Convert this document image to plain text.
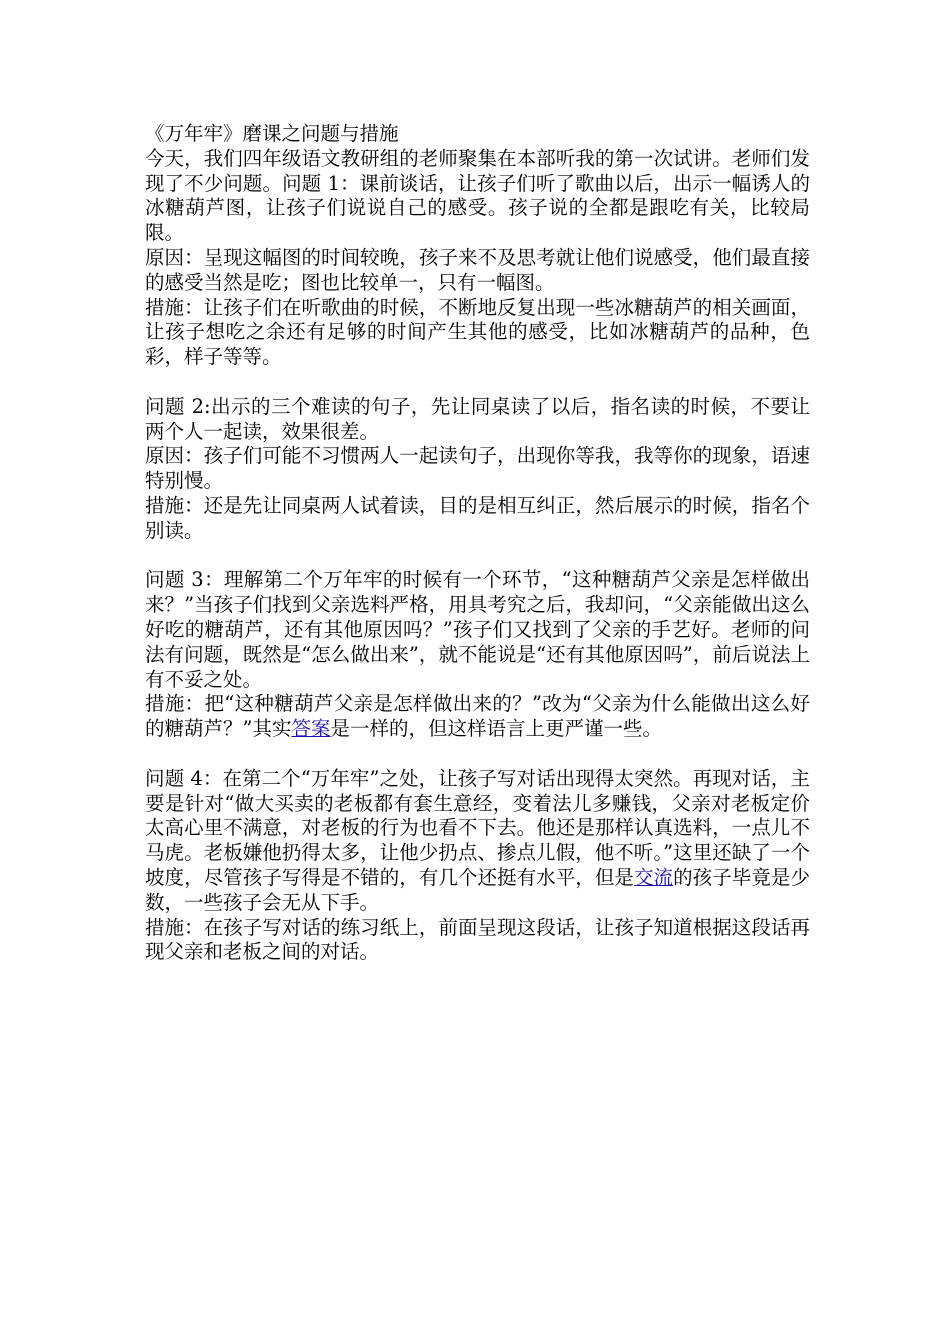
《万年牢》磨课之问题与措施

今天，我们四年级语文教研组的老师聚集在本部听我的第一次试讲。老师们发现了不少问题。问题 1：课前谈话，让孩子们听了歌曲以后，出示一幅诱人的冰糖葫芦图，让孩子们说说自己的感受。孩子说的全都是跟吃有关，比较局限。

原因：呈现这幅图的时间较晚，孩子来不及思考就让他们说感受，他们最直接的感受当然是吃；图也比较单一，只有一幅图。

措施：让孩子们在听歌曲的时候，不断地反复出现一些冰糖葫芦的相关画面，让孩子想吃之余还有足够的时间产生其他的感受，比如冰糖葫芦的品种，色彩，样子等等。

问题 2:出示的三个难读的句子，先让同桌读了以后，指名读的时候，不要让两个人一起读，效果很差。

原因：孩子们可能不习惯两人一起读句子，出现你等我，我等你的现象，语速特别慢。

措施：还是先让同桌两人试着读，目的是相互纠正，然后展示的时候，指名个别读。

问题 3：理解第二个万年牢的时候有一个环节，“这种糖葫芦父亲是怎样做出来？”当孩子们找到父亲选料严格，用具考究之后，我却问，“父亲能做出这么好吃的糖葫芦，还有其他原因吗？”孩子们又找到了父亲的手艺好。老师的问法有问题，既然是“怎么做出来”，就不能说是“还有其他原因吗”，前后说法上有不妥之处。

措施：把“这种糖葫芦父亲是怎样做出来的？”改为“父亲为什么能做出这么好的糖葫芦？”其实答案是一样的，但这样语言上更严谨一些。

问题 4：在第二个“万年牢”之处，让孩子写对话出现得太突然。再现对话，主要是针对“做大买卖的老板都有套生意经，变着法儿多赚钱，父亲对老板定价太高心里不满意，对老板的行为也看不下去。他还是那样认真选料，一点儿不马虎。老板嫌他扔得太多，让他少扔点、掺点儿假，他不听。”这里还缺了一个坡度，尽管孩子写得是不错的，有几个还挺有水平，但是交流的孩子毕竟是少数，一些孩子会无从下手。

措施：在孩子写对话的练习纸上，前面呈现这段话，让孩子知道根据这段话再现父亲和老板之间的对话。
